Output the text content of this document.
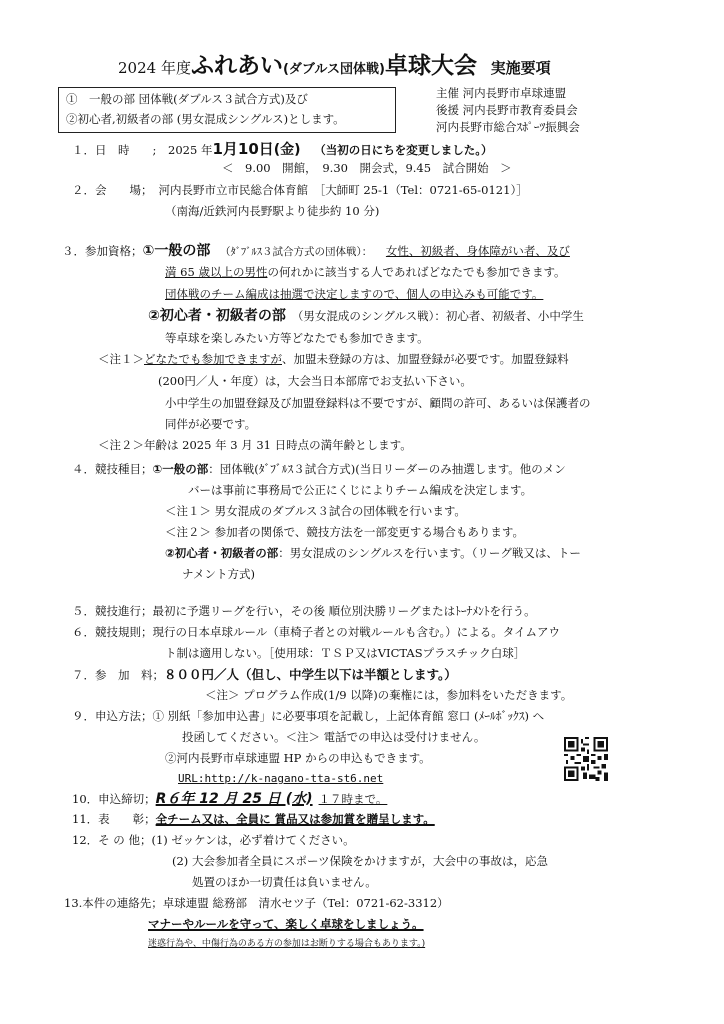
2024 年度ふれあい(ダブルス団体戦)卓球大会 実施要項
①　一般の部 団体戦(ダブルス３試合方式)及び
②初心者,初級者の部 (男女混成シングルス)とします。
主催 河内長野市卓球連盟
後援 河内長野市教育委員会
河内長野市総合ｽﾎﾟｰﾂ振興会
１．日　時　　; 2025 年1月10日(金) （当初の日にちを変更しました。）
＜　9.00　開館，　9.30　開会式，9.45　試合開始　＞
２．会　　場； 河内長野市立市民総合体育館　［大師町 25-1（Tel：0721-65-0121）］
（南海/近鉄河内長野駅より徒歩約 10 分)
３．参加資格；①一般の部 （ﾀﾞﾌﾞﾙｽ３試合方式の団体戦）： 女性、初級者、身体障がい者、及び
満 65 歳以上の男性の何れかに該当する人であればどなたでも参加できます。
団体戦のチーム編成は抽選で決定しますので、個人の申込みも可能です。
②初心者・初級者の部 （男女混成のシングルス戦）：初心者、初級者、小中学生
等卓球を楽しみたい方等どなたでも参加できます。
＜注１＞どなたでも参加できますが、加盟未登録の方は、加盟登録が必要です。加盟登録料
(200円／人・年度）は，大会当日本部席でお支払い下さい。
小中学生の加盟登録及び加盟登録料は不要ですが、顧問の許可、あるいは保護者の
同伴が必要です。
＜注２＞年齢は 2025 年 3 月 31 日時点の満年齢とします。
４．競技種目；①一般の部：団体戦(ﾀﾞﾌﾞﾙｽ３試合方式)(当日リーダーのみ抽選します。他のメン
バーは事前に事務局で公正にくじによりチーム編成を決定します。
＜注１＞ 男女混成のダブルス３試合の団体戦を行います。
＜注２＞ 参加者の関係で、競技方法を一部変更する場合もあります。
②初心者・初級者の部：男女混成のシングルスを行います。（リーグ戦又は、トー
ナメント方式)
５．競技進行；最初に予選リーグを行い，その後 順位別決勝リーグまたはﾄｰﾅﾒﾝﾄを行う。
６．競技規則；現行の日本卓球ルール（車椅子者との対戦ルールも含む。）による。タイムアウ
ト制は適用しない。［使用球：ＴＳＰ又はVICTASプラスチック白球］
７．参　加　料；８００円／人（但し、中学生以下は半額とします。）
＜注＞ プログラム作成(1/9 以降)の棄権には，参加料をいただきます。
９．申込方法；① 別紙「参加申込書」に必要事項を記載し，上記体育館 窓口 (ﾒｰﾙﾎﾞｯｸｽ) へ
投函してください。＜注＞ 電話での申込は受付けません。
②河内長野市卓球連盟 HP からの申込もできます。
URL:http://k-nagano-tta-st6.net
10．申込締切；R６年 12 月 25 日 (水) １７時まで。
11．表　　彰；全チーム又は、全員に 賞品又は参加賞を贈呈します。
12．そ の 他；(1) ゼッケンは，必ず着けてください。
(2) 大会参加者全員にスポーツ保険をかけますが，大会中の事故は，応急
処置のほか一切責任は負いません。
13.本件の連絡先；卓球連盟 総務部　清水セツ子（Tel：0721-62-3312）
マナーやルールを守って、楽しく卓球をしましょう。
迷惑行為や、中傷行為のある方の参加はお断りする場合もあります。)
